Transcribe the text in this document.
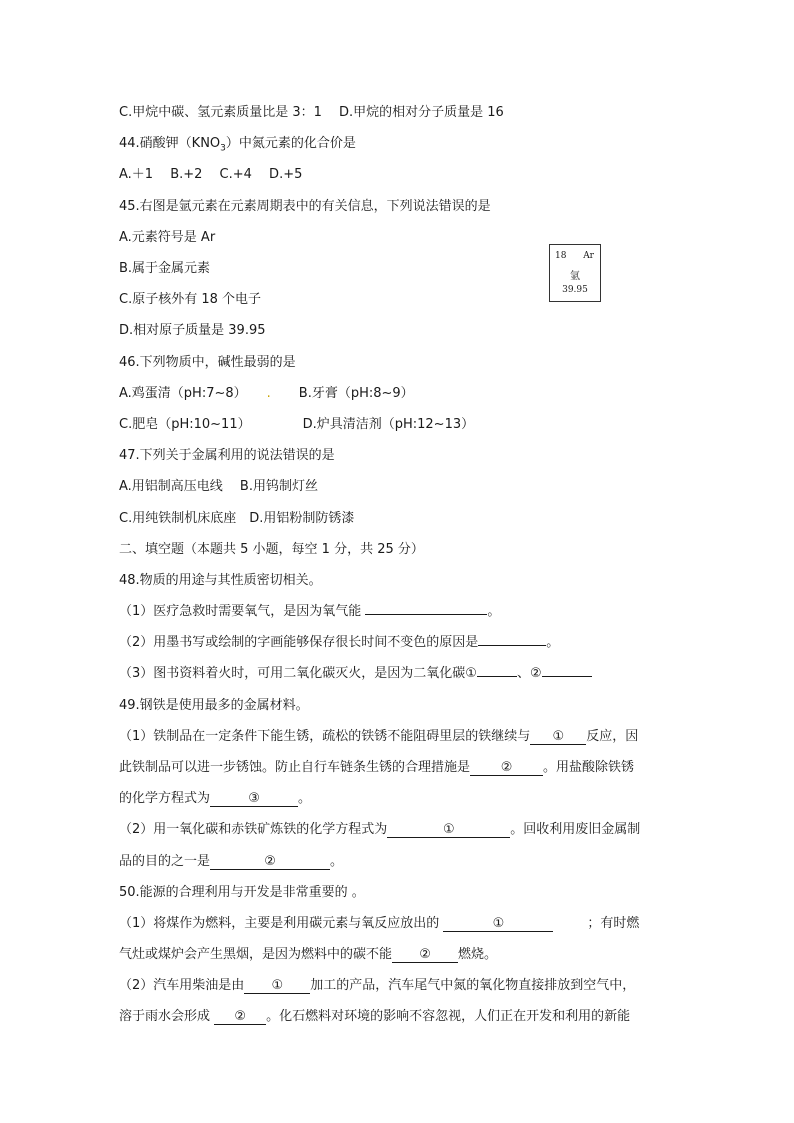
C.甲烷中碳、氢元素质量比是 3：1　 D.甲烷的相对分子质量是 16
44.硝酸钾$(KNO_3)$中氮元素的化合价是
A.＋1　 B.+2　 C.+4　 D.+5
45.右图是氩元素在元素周期表中的有关信息，下列说法错误的是
A.元素符号是 Ar
B.属于金属元素
C.原子核外有 18 个电子
D.相对原子质量是 39.95
18 Ar
氩
39.95
46.下列物质中，碱性最弱的是
A.鸡蛋清（pH:7~8） . B.牙膏（pH:8~9）
C.肥皂（pH:10~11）	D.炉具清洁剂（pH:12~13）
47.下列关于金属利用的说法错误的是
A.用铝制高压电线　 B.用钨制灯丝
C.用纯铁制机床底座　D.用铝粉制防锈漆
二、填空题（本题共 5 小题，每空 1 分，共 25 分）
48.物质的用途与其性质密切相关。
（1）医疗急救时需要氧气，是因为氧气能	。
（2）用墨书写或绘制的字画能够保存很长时间不变色的原因是	。
（3）图书资料着火时，可用二氧化碳灭火，是因为二氧化碳①	、②
49.钢铁是使用最多的金属材料。
（1）铁制品在一定条件下能生锈，疏松的铁锈不能阻碍里层的铁继续与 ① 反应，因
此铁制品可以进一步锈蚀。防止自行车链条生锈的合理措施是 ② 。用盐酸除铁锈
的化学方程式为	③	。
（2）用一氧化碳和赤铁矿炼铁的化学方程式为	①	。回收利用废旧金属制
品的目的之一是	②	。
50.能源的合理利用与开发是非常重要的 。
（1）将煤作为燃料，主要是利用碳元素与氧反应放出的	①	；有时燃
气灶或煤炉会产生黑烟，是因为燃料中的碳不能 ② 燃烧。
（2）汽车用柴油是由 ① 加工的产品，汽车尾气中氮的氧化物直接排放到空气中，
溶于雨水会形成 ② 。化石燃料对环境的影响不容忽视，人们正在开发和利用的新能
